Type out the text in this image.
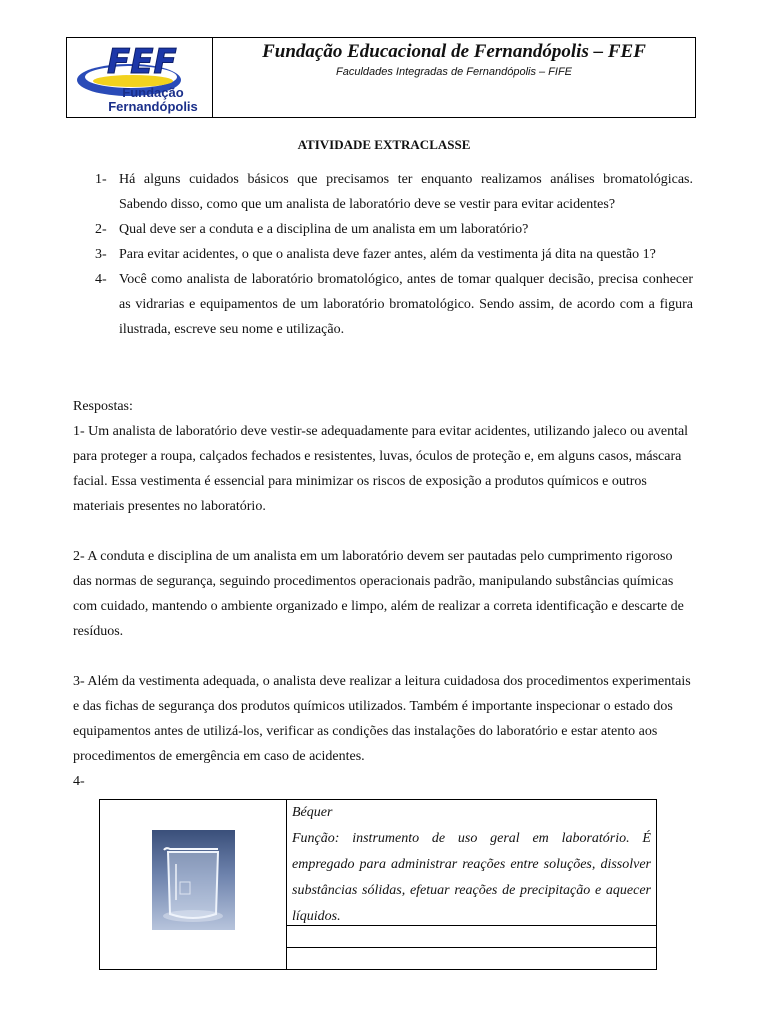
FEF
Fundação
Fernandópolis

Fundação Educacional de Fernandópolis – FEF

Faculdades Integradas de Fernandópolis – FIFE
ATIVIDADE EXTRACLASSE
1- Há alguns cuidados básicos que precisamos ter enquanto realizamos análises bromatológicas. Sabendo disso, como que um analista de laboratório deve se vestir para evitar acidentes?
2- Qual deve ser a conduta e a disciplina de um analista em um laboratório?
3- Para evitar acidentes, o que o analista deve fazer antes, além da vestimenta já dita na questão 1?
4- Você como analista de laboratório bromatológico, antes de tomar qualquer decisão, precisa conhecer as vidrarias e equipamentos de um laboratório bromatológico. Sendo assim, de acordo com a figura ilustrada, escreve seu nome e utilização.

Respostas:

1- Um analista de laboratório deve vestir-se adequadamente para evitar acidentes, utilizando jaleco ou avental para proteger a roupa, calçados fechados e resistentes, luvas, óculos de proteção e, em alguns casos, máscara facial. Essa vestimenta é essencial para minimizar os riscos de exposição a produtos químicos e outros materiais presentes no laboratório.

2- A conduta e disciplina de um analista em um laboratório devem ser pautadas pelo cumprimento rigoroso das normas de segurança, seguindo procedimentos operacionais padrão, manipulando substâncias químicas com cuidado, mantendo o ambiente organizado e limpo, além de realizar a correta identificação e descarte de resíduos.

3- Além da vestimenta adequada, o analista deve realizar a leitura cuidadosa dos procedimentos experimentais e das fichas de segurança dos produtos químicos utilizados. Também é importante inspecionar o estado dos equipamentos antes de utilizá-los, verificar as condições das instalações do laboratório e estar atento aos procedimentos de emergência em caso de acidentes.

4-

Béquer
Função: instrumento de uso geral em laboratório. É empregado para administrar reações entre soluções, dissolver substâncias sólidas, efetuar reações de precipitação e aquecer líquidos.
